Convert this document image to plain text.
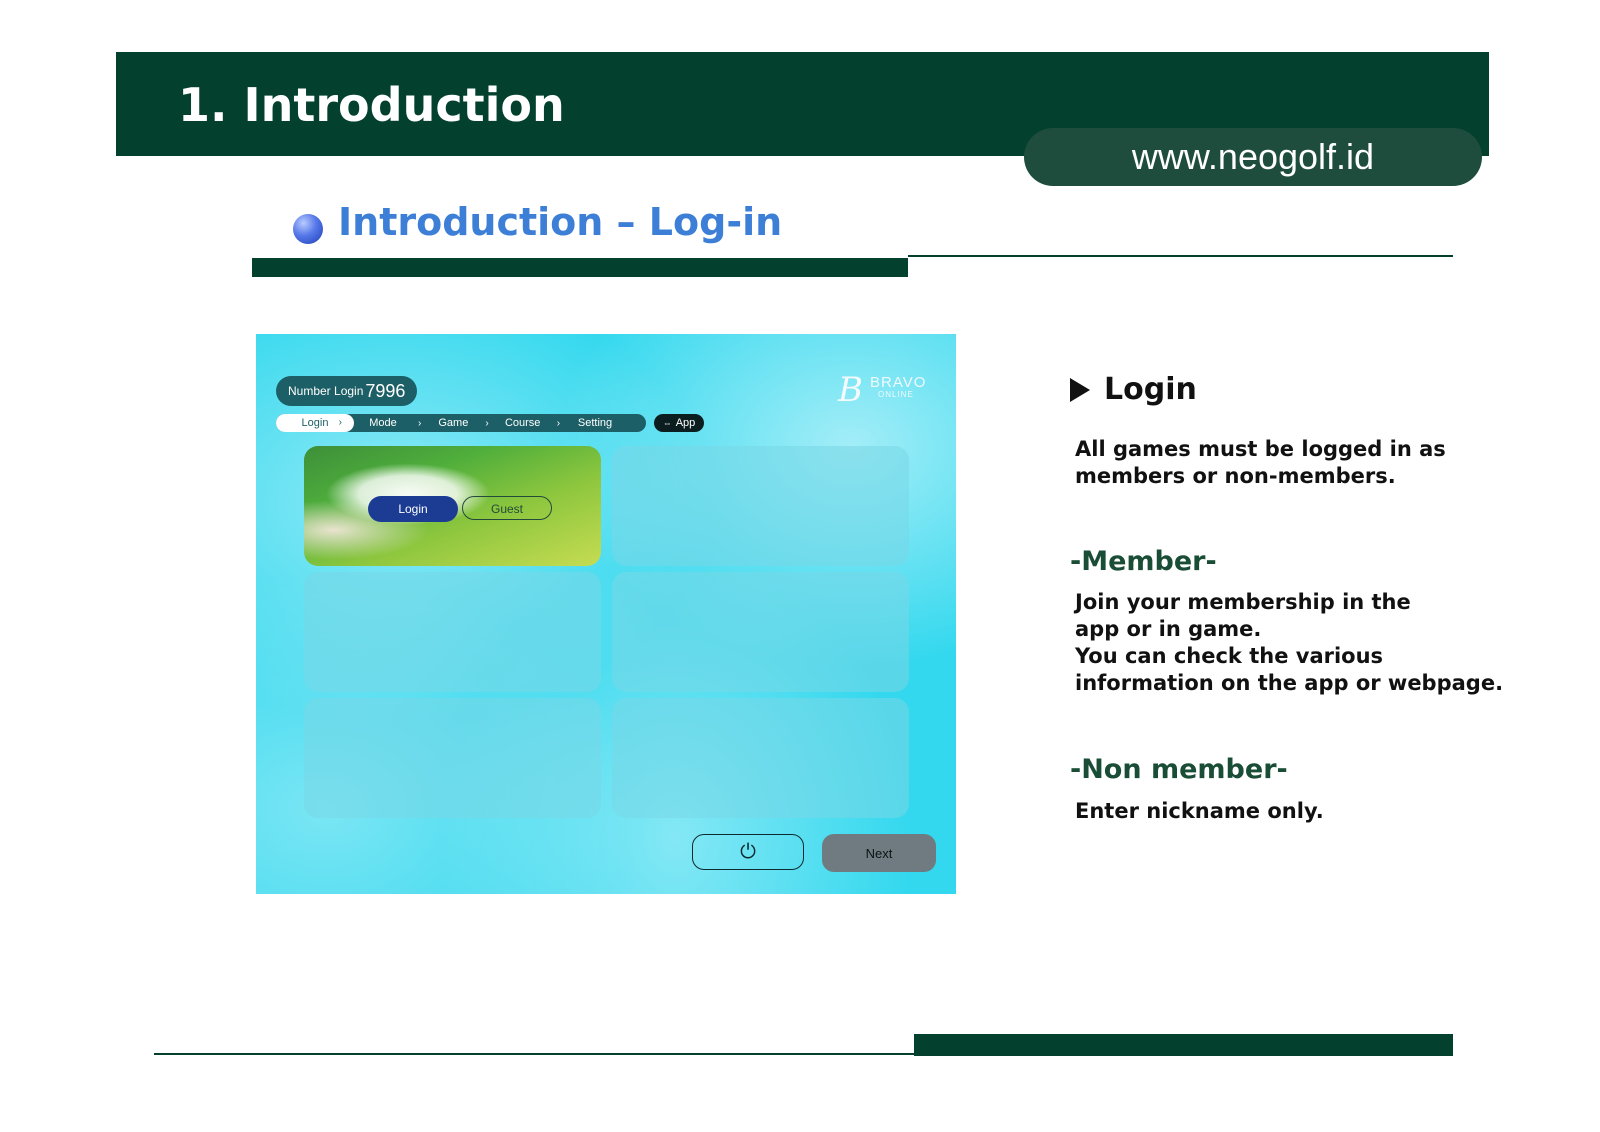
1. Introduction
www.neogolf.id
Introduction – Log-in
Number Login 7996	B BRAVO
ONLINE
Login	›	Mode	›	Game	›	Course	›	Setting	⇔ App
Login	Guest
⏻	Next
Login
All games must be logged in as
members or non-members.
-Member-
Join your membership in the
app or in game.
You can check the various
information on the app or webpage.
-Non member-
Enter nickname only.
